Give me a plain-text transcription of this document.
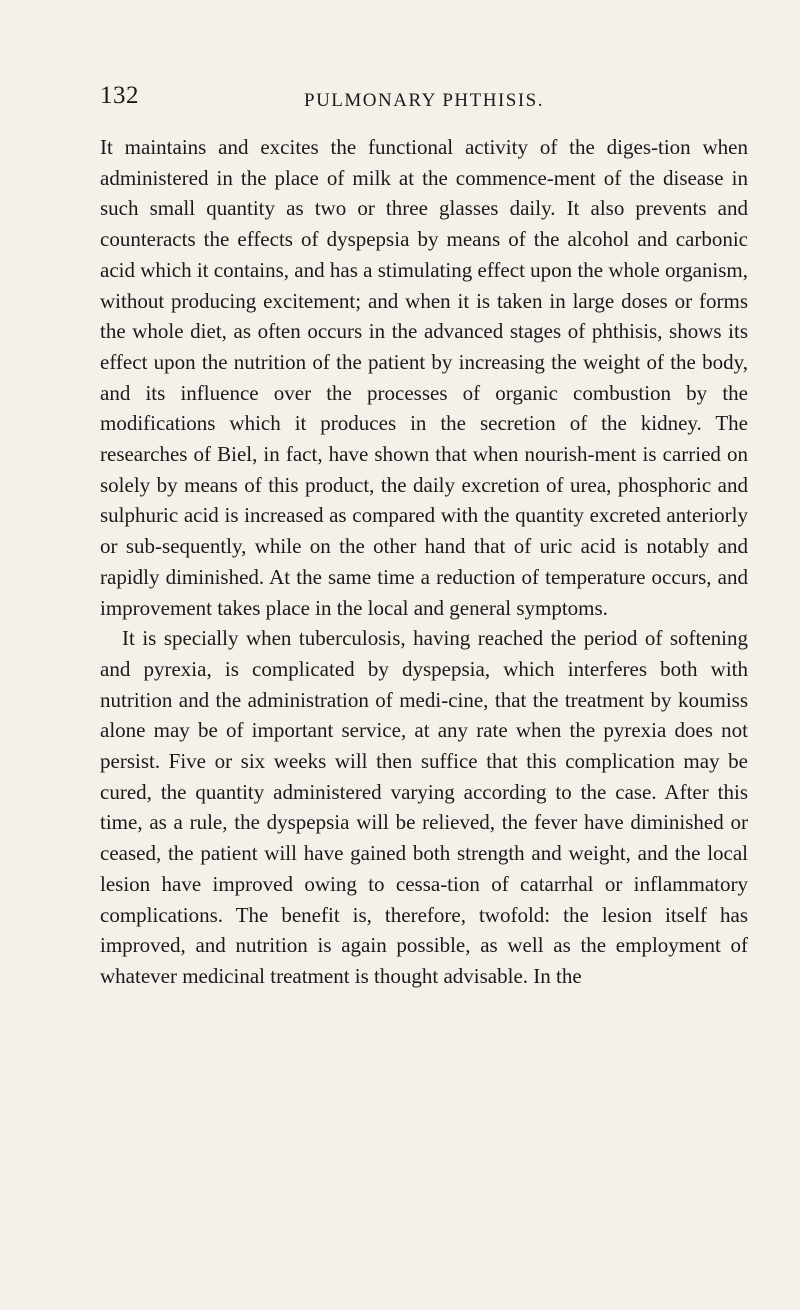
132	PULMONARY PHTHISIS.

It maintains and excites the functional activity of the diges-tion when administered in the place of milk at the commence-ment of the disease in such small quantity as two or three glasses daily. It also prevents and counteracts the effects of dyspepsia by means of the alcohol and carbonic acid which it contains, and has a stimulating effect upon the whole organism, without producing excitement; and when it is taken in large doses or forms the whole diet, as often occurs in the advanced stages of phthisis, shows its effect upon the nutrition of the patient by increasing the weight of the body, and its influence over the processes of organic combustion by the modifications which it produces in the secretion of the kidney. The researches of Biel, in fact, have shown that when nourish-ment is carried on solely by means of this product, the daily excretion of urea, phosphoric and sulphuric acid is increased as compared with the quantity excreted anteriorly or sub-sequently, while on the other hand that of uric acid is notably and rapidly diminished. At the same time a reduction of temperature occurs, and improvement takes place in the local and general symptoms.

It is specially when tuberculosis, having reached the period of softening and pyrexia, is complicated by dyspepsia, which interferes both with nutrition and the administration of medi-cine, that the treatment by koumiss alone may be of important service, at any rate when the pyrexia does not persist. Five or six weeks will then suffice that this complication may be cured, the quantity administered varying according to the case. After this time, as a rule, the dyspepsia will be relieved, the fever have diminished or ceased, the patient will have gained both strength and weight, and the local lesion have improved owing to cessa-tion of catarrhal or inflammatory complications. The benefit is, therefore, twofold: the lesion itself has improved, and nutrition is again possible, as well as the employment of whatever medicinal treatment is thought advisable. In the
